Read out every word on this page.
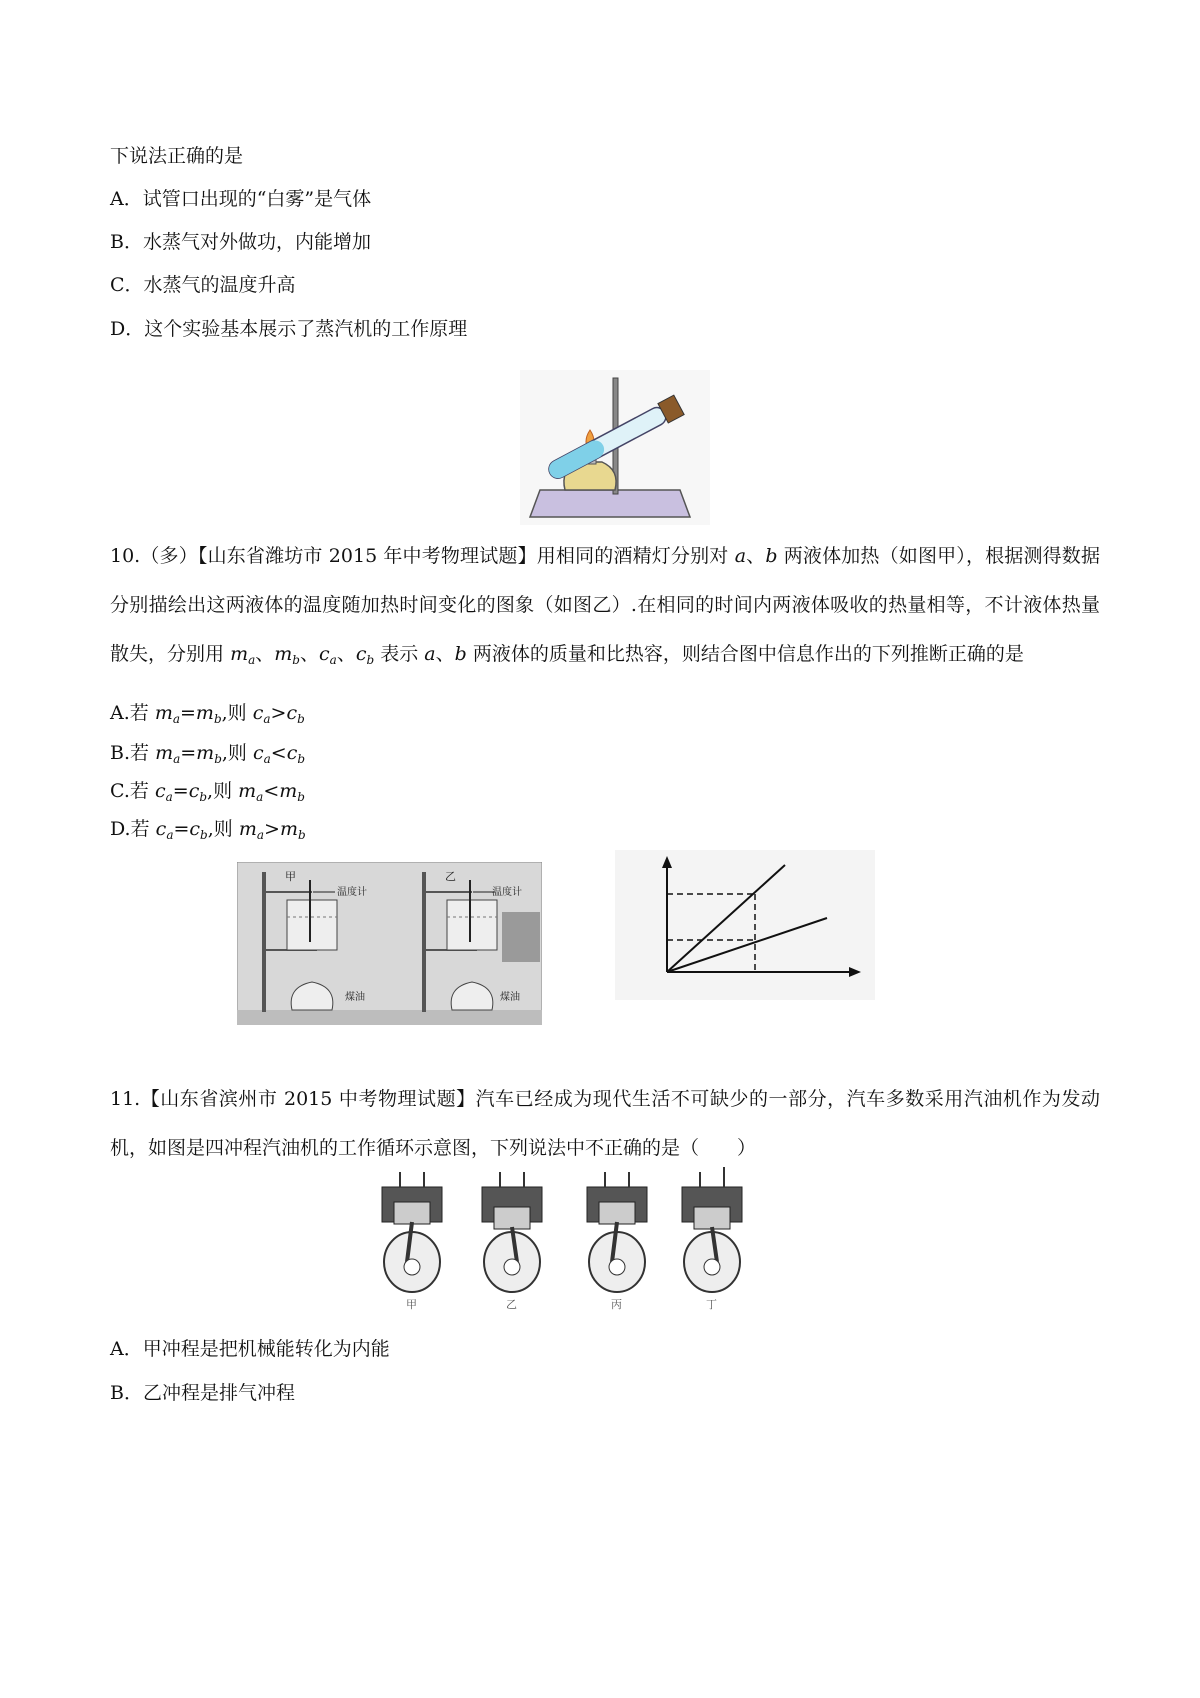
下说法正确的是
A．试管口出现的“白雾”是气体
B．水蒸气对外做功，内能增加
C．水蒸气的温度升高
D．这个实验基本展示了蒸汽机的工作原理
10.（多）【山东省潍坊市 2015 年中考物理试题】用相同的酒精灯分别对 a、b 两液体加热（如图甲），根据测得数据分别描绘出这两液体的温度随加热时间变化的图象（如图乙）.在相同的时间内两液体吸收的热量相等，不计液体热量散失，分别用 $m_a$、$m_b$、$c_a$、$c_b$ 表示 a、b 两液体的质量和比热容，则结合图中信息作出的下列推断正确的是
A.若 $m_a=m_b$,则 $c_a>c_b$
B.若 $m_a=m_b$,则 $c_a<c_b$
C.若 $c_a=c_b$,则 $m_a<m_b$
D.若 $c_a=c_b$,则 $m_a>m_b$
甲
温度计
煤油
乙
温度计
煤油
11.【山东省滨州市 2015 中考物理试题】汽车已经成为现代生活不可缺少的一部分，汽车多数采用汽油机作为发动机，如图是四冲程汽油机的工作循环示意图，下列说法中不正确的是（　　）
甲	乙	丙	丁
A．甲冲程是把机械能转化为内能
B．乙冲程是排气冲程
